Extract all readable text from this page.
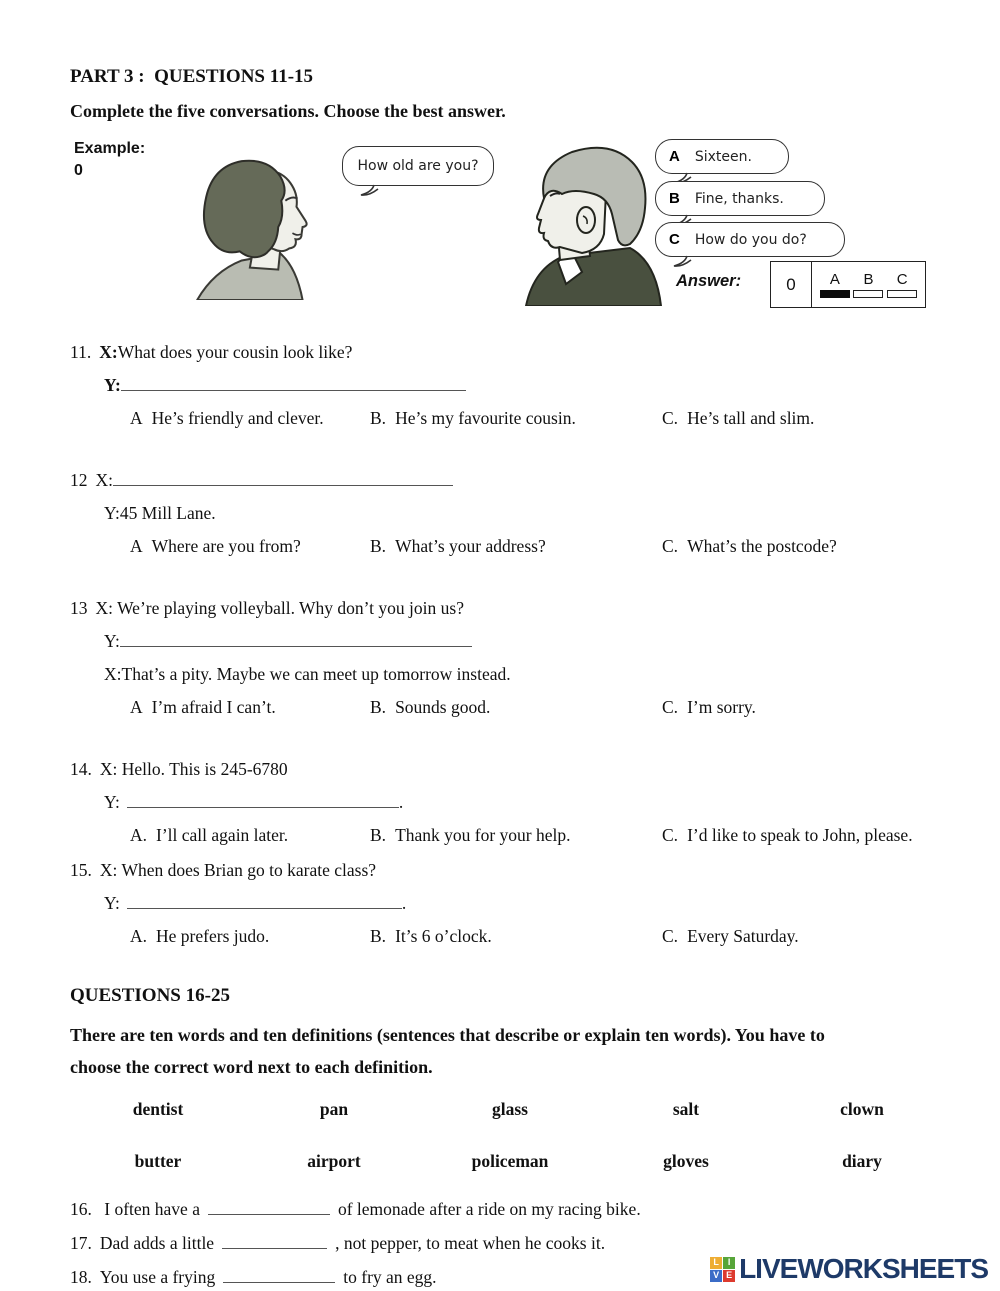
PART 3 :  QUESTIONS 11-15

Complete the five conversations. Choose the best answer.

Example:
0	How old are you?
A Sixteen.
B Fine, thanks.
C How do you do?
Answer:	0	A B C
11. X:What does your cousin look like?
Y:
A He’s friendly and clever.	B. He’s my favourite cousin.	C. He’s tall and slim.
12 X:
Y:45 Mill Lane.
A Where are you from?	B. What’s your address?	C. What’s the postcode?
13 X: We’re playing volleyball. Why don’t you join us?
Y:
X:That’s a pity. Maybe we can meet up tomorrow instead.
A I’m afraid I can’t.	B. Sounds good.	C. I’m sorry.
14. X: Hello. This is 245-6780
Y:	.
A. I’ll call again later.	B. Thank you for your help.	C. I’d like to speak to John, please.
15. X: When does Brian go to karate class?
Y:	.
A. He prefers judo.	B. It’s 6 o’clock.	C. Every Saturday.
QUESTIONS 16-25
There are ten words and ten definitions (sentences that describe or explain ten words). You have to
choose the correct word next to each definition.
dentist	pan	glass	salt	clown
butter	airport	policeman	gloves	diary
16. I often have a	of lemonade after a ride on my racing bike.
17. Dad adds a little	, not pepper, to meat when he cooks it.
18. You use a frying	to fry an egg.
L I
V E LIVEWORKSHEETS
